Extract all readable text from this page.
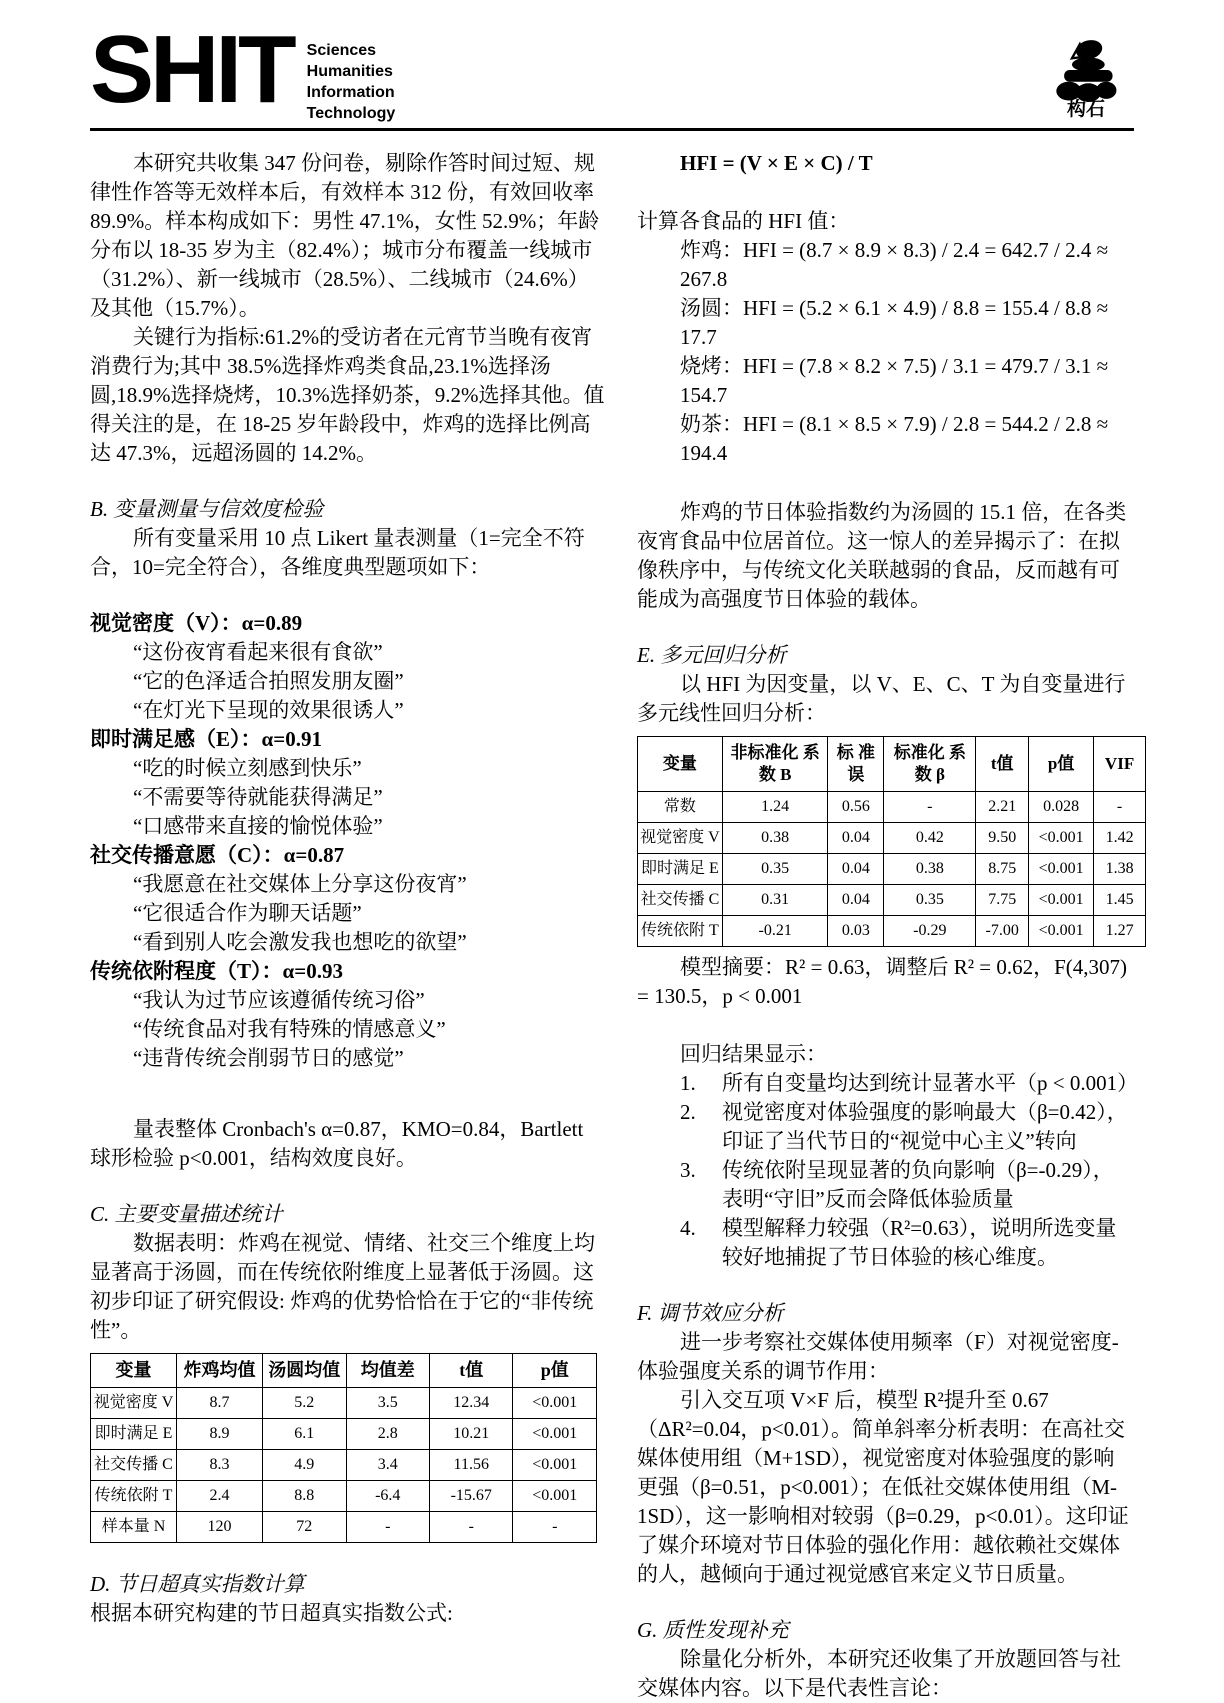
SHIT Sciences
Humanities
Information
Technology	构石

本研究共收集 347 份问卷，剔除作答时间过短、规律性作答等无效样本后，有效样本 312 份，有效回收率 89.9%。样本构成如下：男性 47.1%，女性 52.9%；年龄分布以 18-35 岁为主（82.4%）；城市分布覆盖一线城市（31.2%）、新一线城市（28.5%）、二线城市（24.6%）及其他（15.7%）。

关键行为指标:61.2%的受访者在元宵节当晚有夜宵消费行为;其中 38.5%选择炸鸡类食品,23.1%选择汤圆,18.9%选择烧烤，10.3%选择奶茶，9.2%选择其他。值得关注的是，在 18-25 岁年龄段中，炸鸡的选择比例高达 47.3%，远超汤圆的 14.2%。

B. 变量测量与信效度检验

所有变量采用 10 点 Likert 量表测量（1=完全不符合，10=完全符合），各维度典型题项如下：

视觉密度（V）：α=0.89

“这份夜宵看起来很有食欲”

“它的色泽适合拍照发朋友圈”

“在灯光下呈现的效果很诱人”

即时满足感（E）：α=0.91

“吃的时候立刻感到快乐”

“不需要等待就能获得满足”

“口感带来直接的愉悦体验”

社交传播意愿（C）：α=0.87

“我愿意在社交媒体上分享这份夜宵”

“它很适合作为聊天话题”

“看到别人吃会激发我也想吃的欲望”

传统依附程度（T）：α=0.93

“我认为过节应该遵循传统习俗”

“传统食品对我有特殊的情感意义”

“违背传统会削弱节日的感觉”

量表整体 Cronbach's α=0.87，KMO=0.84，Bartlett 球形检验 p<0.001，结构效度良好。

C. 主要变量描述统计

数据表明：炸鸡在视觉、情绪、社交三个维度上均显著高于汤圆，而在传统依附维度上显著低于汤圆。这初步印证了研究假设: 炸鸡的优势恰恰在于它的“非传统性”。

变量	炸鸡均值	汤圆均值	均值差	t值	p值
视觉密度 V	8.7	5.2	3.5	12.34	<0.001
即时满足 E	8.9	6.1	2.8	10.21	<0.001
社交传播 C	8.3	4.9	3.4	11.56	<0.001
传统依附 T	2.4	8.8	-6.4	-15.67	<0.001
样本量 N	120	72	-	-	-

D. 节日超真实指数计算

根据本研究构建的节日超真实指数公式:

HFI = (V × E × C) / T

计算各食品的 HFI 值：

炸鸡：HFI = (8.7 × 8.9 × 8.3) / 2.4 = 642.7 / 2.4 ≈ 267.8

汤圆：HFI = (5.2 × 6.1 × 4.9) / 8.8 = 155.4 / 8.8 ≈ 17.7

烧烤：HFI = (7.8 × 8.2 × 7.5) / 3.1 = 479.7 / 3.1 ≈ 154.7

奶茶：HFI = (8.1 × 8.5 × 7.9) / 2.8 = 544.2 / 2.8 ≈ 194.4

炸鸡的节日体验指数约为汤圆的 15.1 倍，在各类夜宵食品中位居首位。这一惊人的差异揭示了：在拟像秩序中，与传统文化关联越弱的食品，反而越有可能成为高强度节日体验的载体。

E. 多元回归分析

以 HFI 为因变量，以 V、E、C、T 为自变量进行多元线性回归分析：

变量	非标准化 系数 B	标 准 误	标准化 系数 β	t值	p值	VIF
常数	1.24	0.56	-	2.21	0.028	-
视觉密度 V	0.38	0.04	0.42	9.50	<0.001	1.42
即时满足 E	0.35	0.04	0.38	8.75	<0.001	1.38
社交传播 C	0.31	0.04	0.35	7.75	<0.001	1.45
传统依附 T	-0.21	0.03	-0.29	-7.00	<0.001	1.27

模型摘要：R² = 0.63，调整后 R² = 0.62，F(4,307) = 130.5，p < 0.001

回归结果显示：

1. 所有自变量均达到统计显著水平（p < 0.001）
2. 视觉密度对体验强度的影响最大（β=0.42），印证了当代节日的“视觉中心主义”转向
3. 传统依附呈现显著的负向影响（β=-0.29），表明“守旧”反而会降低体验质量
4. 模型解释力较强（R²=0.63），说明所选变量较好地捕捉了节日体验的核心维度。

F. 调节效应分析

进一步考察社交媒体使用频率（F）对视觉密度-体验强度关系的调节作用：

引入交互项 V×F 后，模型 R²提升至 0.67（ΔR²=0.04，p<0.01）。简单斜率分析表明：在高社交媒体使用组（M+1SD），视觉密度对体验强度的影响更强（β=0.51，p<0.001）；在低社交媒体使用组（M-1SD），这一影响相对较弱（β=0.29，p<0.01）。这印证了媒介环境对节日体验的强化作用：越依赖社交媒体的人，越倾向于通过视觉感官来定义节日质量。

G. 质性发现补充

除量化分析外，本研究还收集了开放题回答与社交媒体内容。以下是代表性言论：
